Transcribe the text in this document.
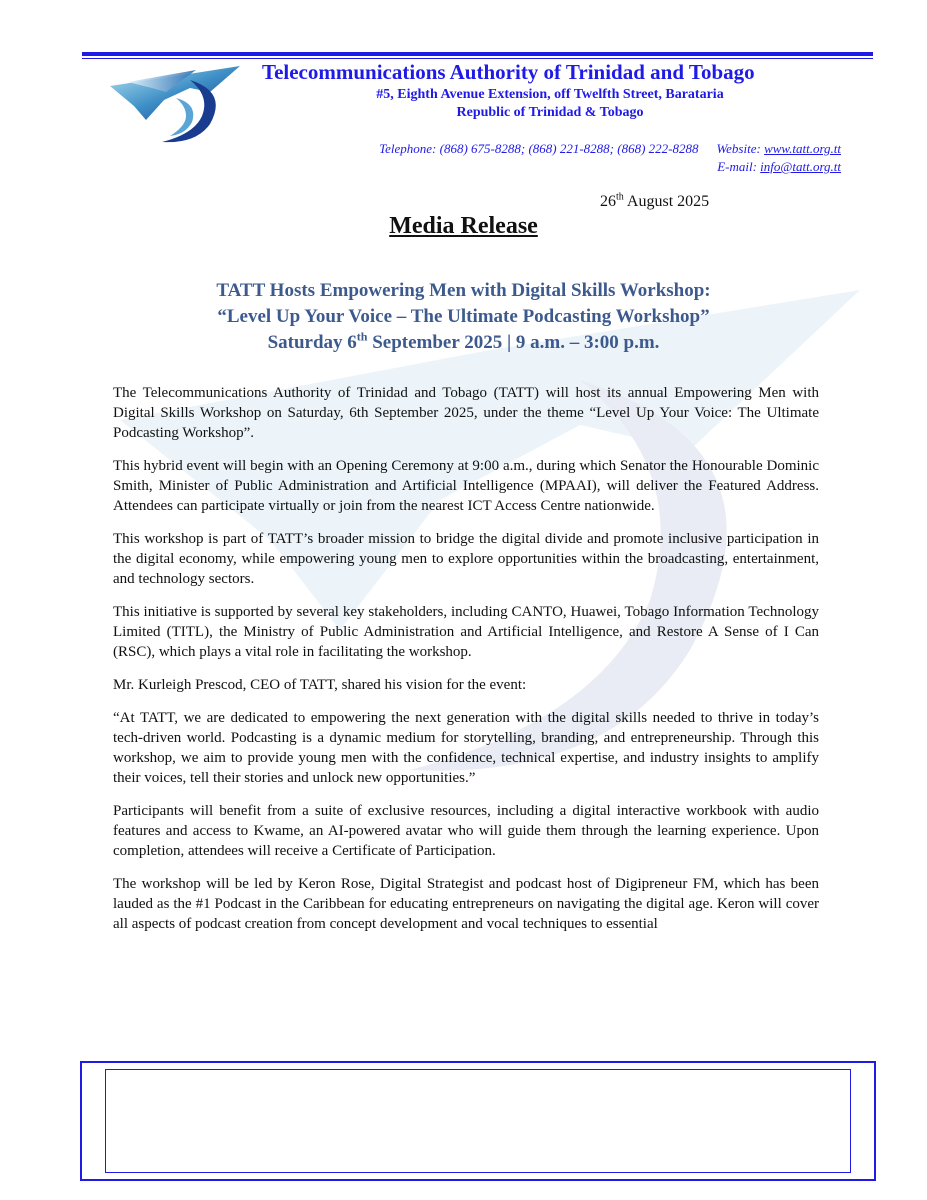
Telecommunications Authority of Trinidad and Tobago
#5, Eighth Avenue Extension, off Twelfth Street, Barataria
Republic of Trinidad & Tobago
Telephone: (868) 675-8288; (868) 221-8288; (868) 222-8288 Website: www.tatt.org.tt
E-mail: info@tatt.org.tt
26th August 2025
Media Release
TATT Hosts Empowering Men with Digital Skills Workshop:
“Level Up Your Voice – The Ultimate Podcasting Workshop”
Saturday 6th September 2025 | 9 a.m. – 3:00 p.m.

The Telecommunications Authority of Trinidad and Tobago (TATT) will host its annual Empowering Men with Digital Skills Workshop on Saturday, 6th September 2025, under the theme “Level Up Your Voice: The Ultimate Podcasting Workshop”.

This hybrid event will begin with an Opening Ceremony at 9:00 a.m., during which Senator the Honourable Dominic Smith, Minister of Public Administration and Artificial Intelligence (MPAAI), will deliver the Featured Address. Attendees can participate virtually or join from the nearest ICT Access Centre nationwide.

This workshop is part of TATT’s broader mission to bridge the digital divide and promote inclusive participation in the digital economy, while empowering young men to explore opportunities within the broadcasting, entertainment, and technology sectors.

This initiative is supported by several key stakeholders, including CANTO, Huawei, Tobago Information Technology Limited (TITL), the Ministry of Public Administration and Artificial Intelligence, and Restore A Sense of I Can (RSC), which plays a vital role in facilitating the workshop.

Mr. Kurleigh Prescod, CEO of TATT, shared his vision for the event:

“At TATT, we are dedicated to empowering the next generation with the digital skills needed to thrive in today’s tech-driven world. Podcasting is a dynamic medium for storytelling, branding, and entrepreneurship. Through this workshop, we aim to provide young men with the confidence, technical expertise, and industry insights to amplify their voices, tell their stories and unlock new opportunities.”

Participants will benefit from a suite of exclusive resources, including a digital interactive workbook with audio features and access to Kwame, an AI-powered avatar who will guide them through the learning experience. Upon completion, attendees will receive a Certificate of Participation.

The workshop will be led by Keron Rose, Digital Strategist and podcast host of Digipreneur FM, which has been lauded as the #1 Podcast in the Caribbean for educating entrepreneurs on navigating the digital age. Keron will cover all aspects of podcast creation from concept development and vocal techniques to essential
